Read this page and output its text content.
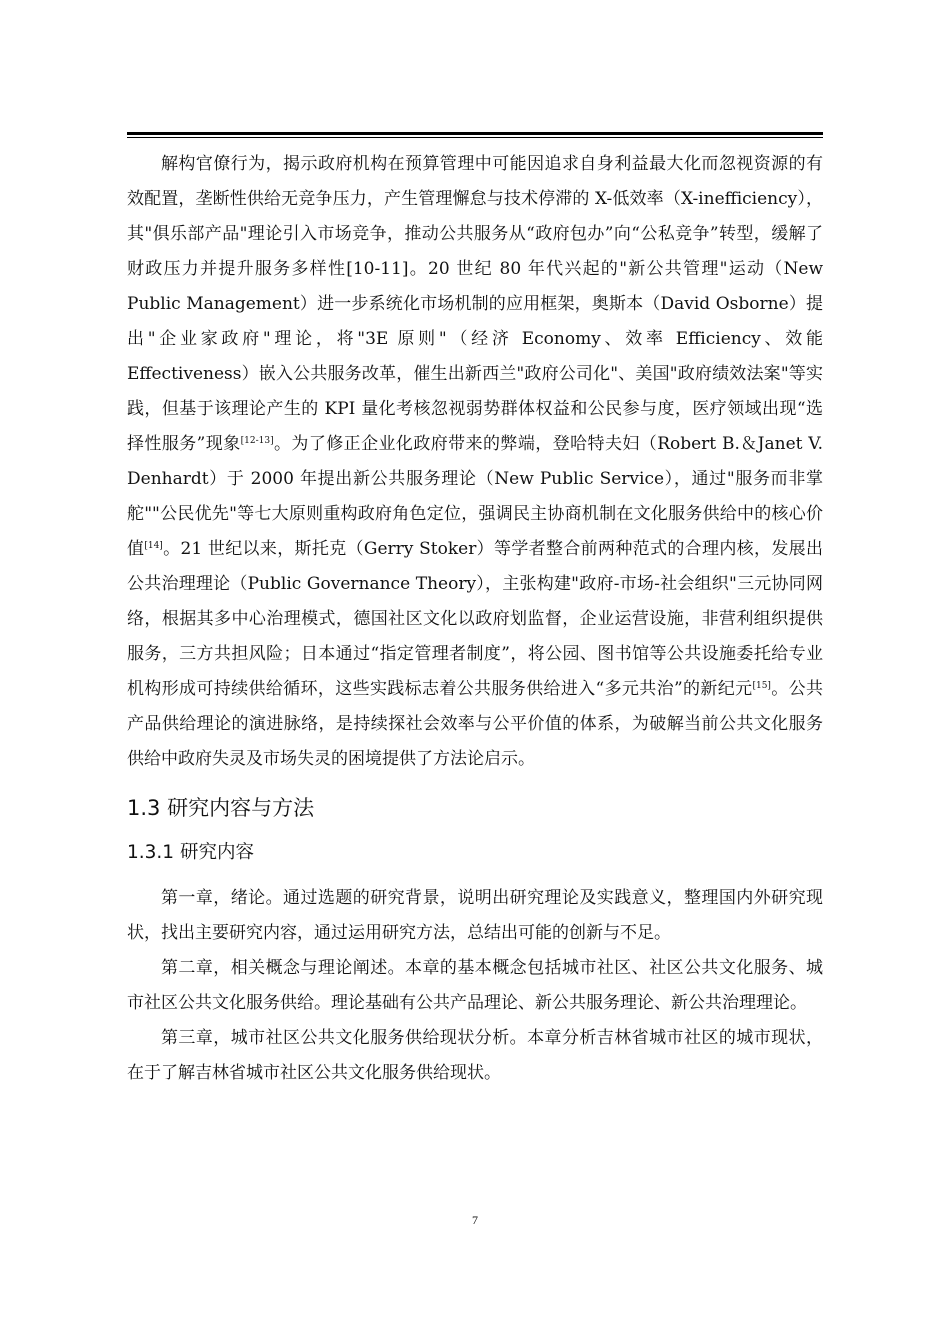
解构官僚行为，揭示政府机构在预算管理中可能因追求自身利益最大化而忽视资源的有效配置，垄断性供给无竞争压力，产生管理懈怠与技术停滞的 X-低效率（X-inefficiency），其"俱乐部产品"理论引入市场竞争，推动公共服务从“政府包办”向“公私竞争”转型，缓解了财政压力并提升服务多样性[10-11]。20 世纪 80 年代兴起的"新公共管理"运动（New Public Management）进一步系统化市场机制的应用框架，奥斯本（David Osborne）提出"企业家政府"理论，将"3E 原则"（经济 Economy、效率 Efficiency、效能 Effectiveness）嵌入公共服务改革，催生出新西兰"政府公司化"、美国"政府绩效法案"等实践，但基于该理论产生的 KPI 量化考核忽视弱势群体权益和公民参与度，医疗领域出现“选择性服务”现象[12-13]。为了修正企业化政府带来的弊端，登哈特夫妇（Robert B.＆Janet V. Denhardt）于 2000 年提出新公共服务理论（New Public Service），通过"服务而非掌舵""公民优先"等七大原则重构政府角色定位，强调民主协商机制在文化服务供给中的核心价值[14]。21 世纪以来，斯托克（Gerry Stoker）等学者整合前两种范式的合理内核，发展出公共治理理论（Public Governance Theory），主张构建"政府-市场-社会组织"三元协同网络，根据其多中心治理模式，德国社区文化以政府划监督，企业运营设施，非营利组织提供服务，三方共担风险；日本通过“指定管理者制度”，将公园、图书馆等公共设施委托给专业机构形成可持续供给循环，这些实践标志着公共服务供给进入“多元共治”的新纪元[15]。公共产品供给理论的演进脉络，是持续探社会效率与公平价值的体系，为破解当前公共文化服务供给中政府失灵及市场失灵的困境提供了方法论启示。

1.3 研究内容与方法
1.3.1 研究内容

第一章，绪论。通过选题的研究背景，说明出研究理论及实践意义，整理国内外研究现状，找出主要研究内容，通过运用研究方法，总结出可能的创新与不足。

第二章，相关概念与理论阐述。本章的基本概念包括城市社区、社区公共文化服务、城市社区公共文化服务供给。理论基础有公共产品理论、新公共服务理论、新公共治理理论。

第三章，城市社区公共文化服务供给现状分析。本章分析吉林省城市社区的城市现状，在于了解吉林省城市社区公共文化服务供给现状。

7
